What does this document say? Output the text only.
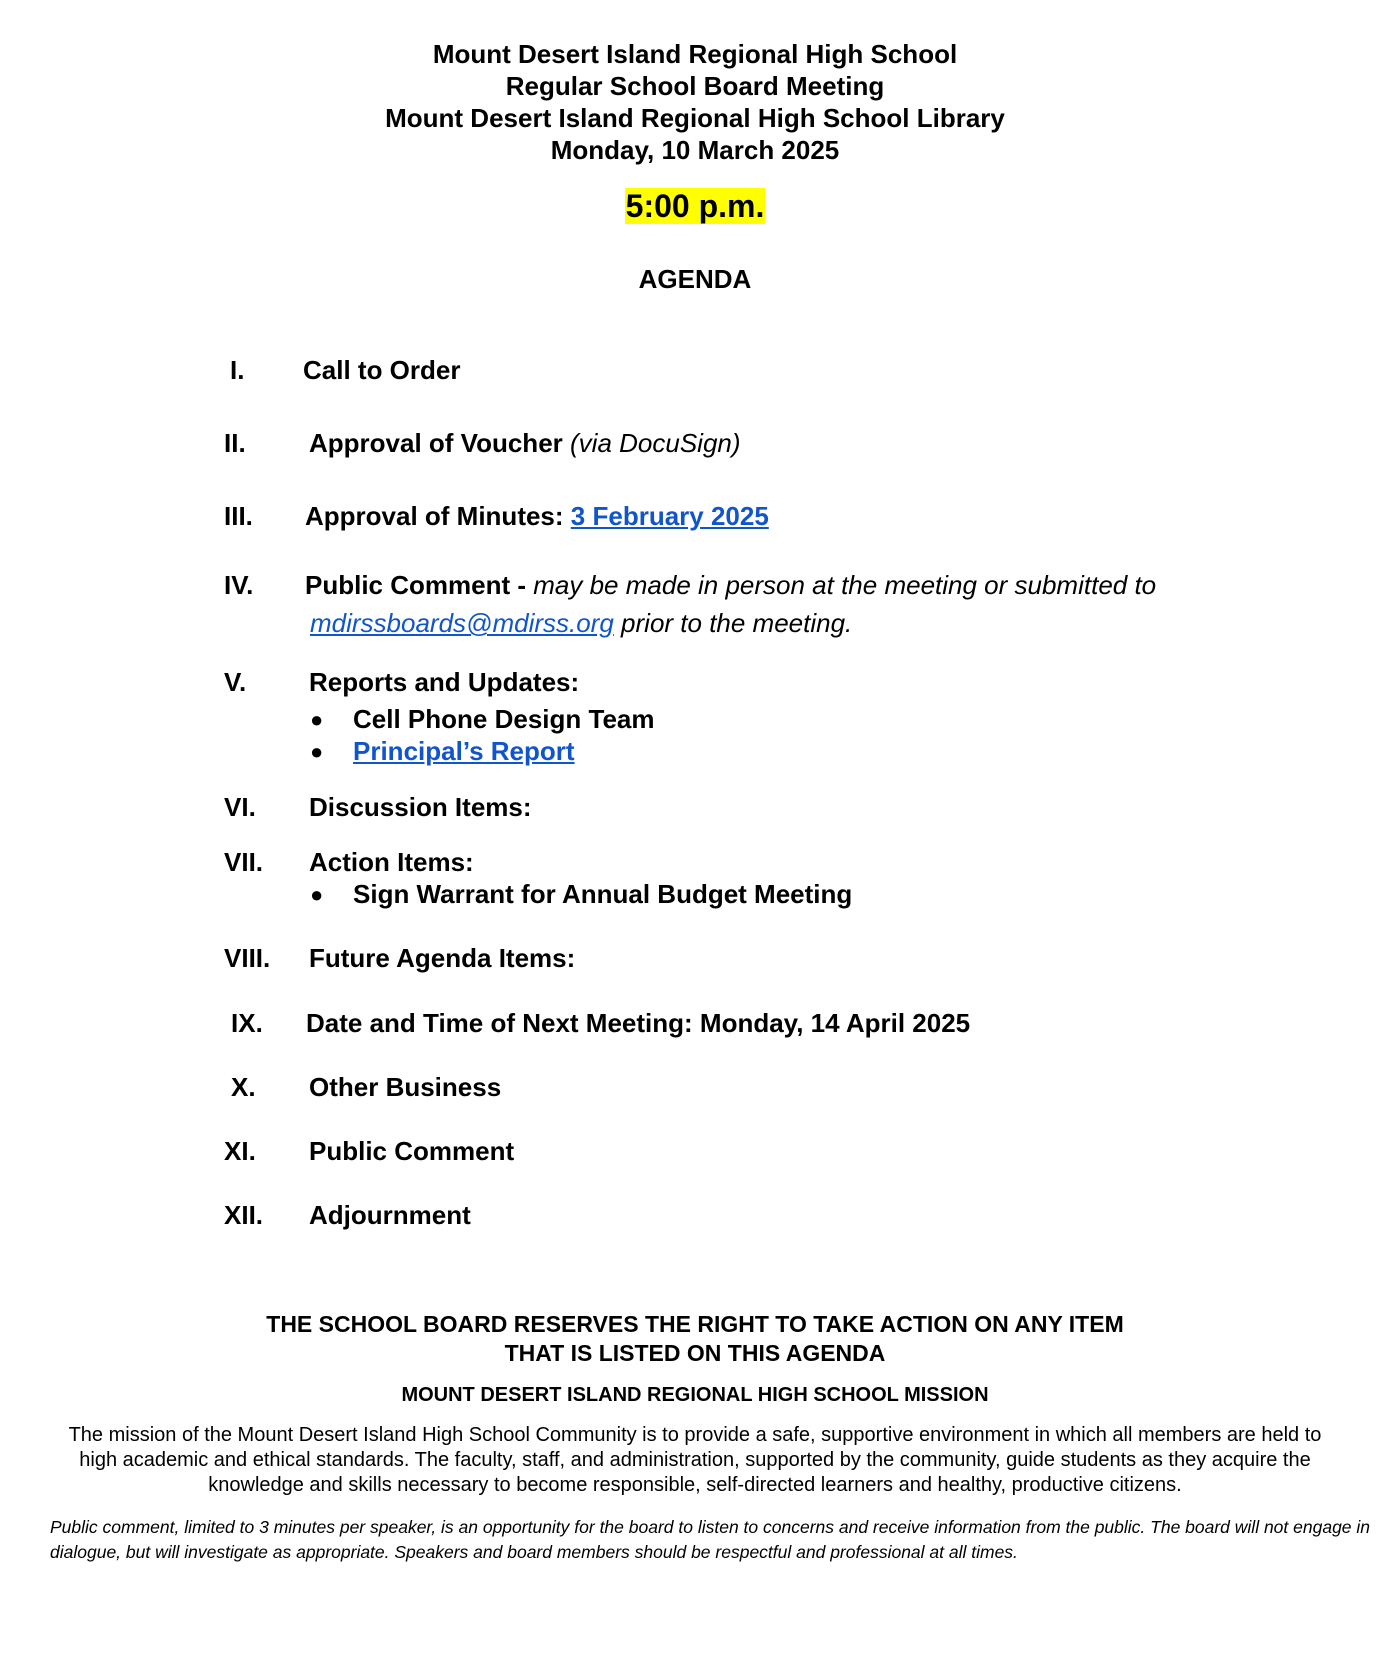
Mount Desert Island Regional High School
Regular School Board Meeting
Mount Desert Island Regional High School Library
Monday, 10 March 2025
5:00 p.m.
AGENDA
I. Call to Order
II. Approval of Voucher (via DocuSign)
III. Approval of Minutes: 3 February 2025
IV. Public Comment - may be made in person at the meeting or submitted to
mdirssboards@mdirss.org prior to the meeting.
V. Reports and Updates:
● Cell Phone Design Team
● Principal’s Report
VI. Discussion Items:
VII. Action Items:
● Sign Warrant for Annual Budget Meeting
VIII. Future Agenda Items:
IX. Date and Time of Next Meeting: Monday, 14 April 2025
X. Other Business
XI. Public Comment
XII. Adjournment
THE SCHOOL BOARD RESERVES THE RIGHT TO TAKE ACTION ON ANY ITEM
THAT IS LISTED ON THIS AGENDA
MOUNT DESERT ISLAND REGIONAL HIGH SCHOOL MISSION
The mission of the Mount Desert Island High School Community is to provide a safe, supportive environment in which all members are held to high academic and ethical standards. The faculty, staff, and administration, supported by the community, guide students as they acquire the knowledge and skills necessary to become responsible, self-directed learners and healthy, productive citizens.
Public comment, limited to 3 minutes per speaker, is an opportunity for the board to listen to concerns and receive information from the public. The board will not engage in dialogue, but will investigate as appropriate. Speakers and board members should be respectful and professional at all times.
